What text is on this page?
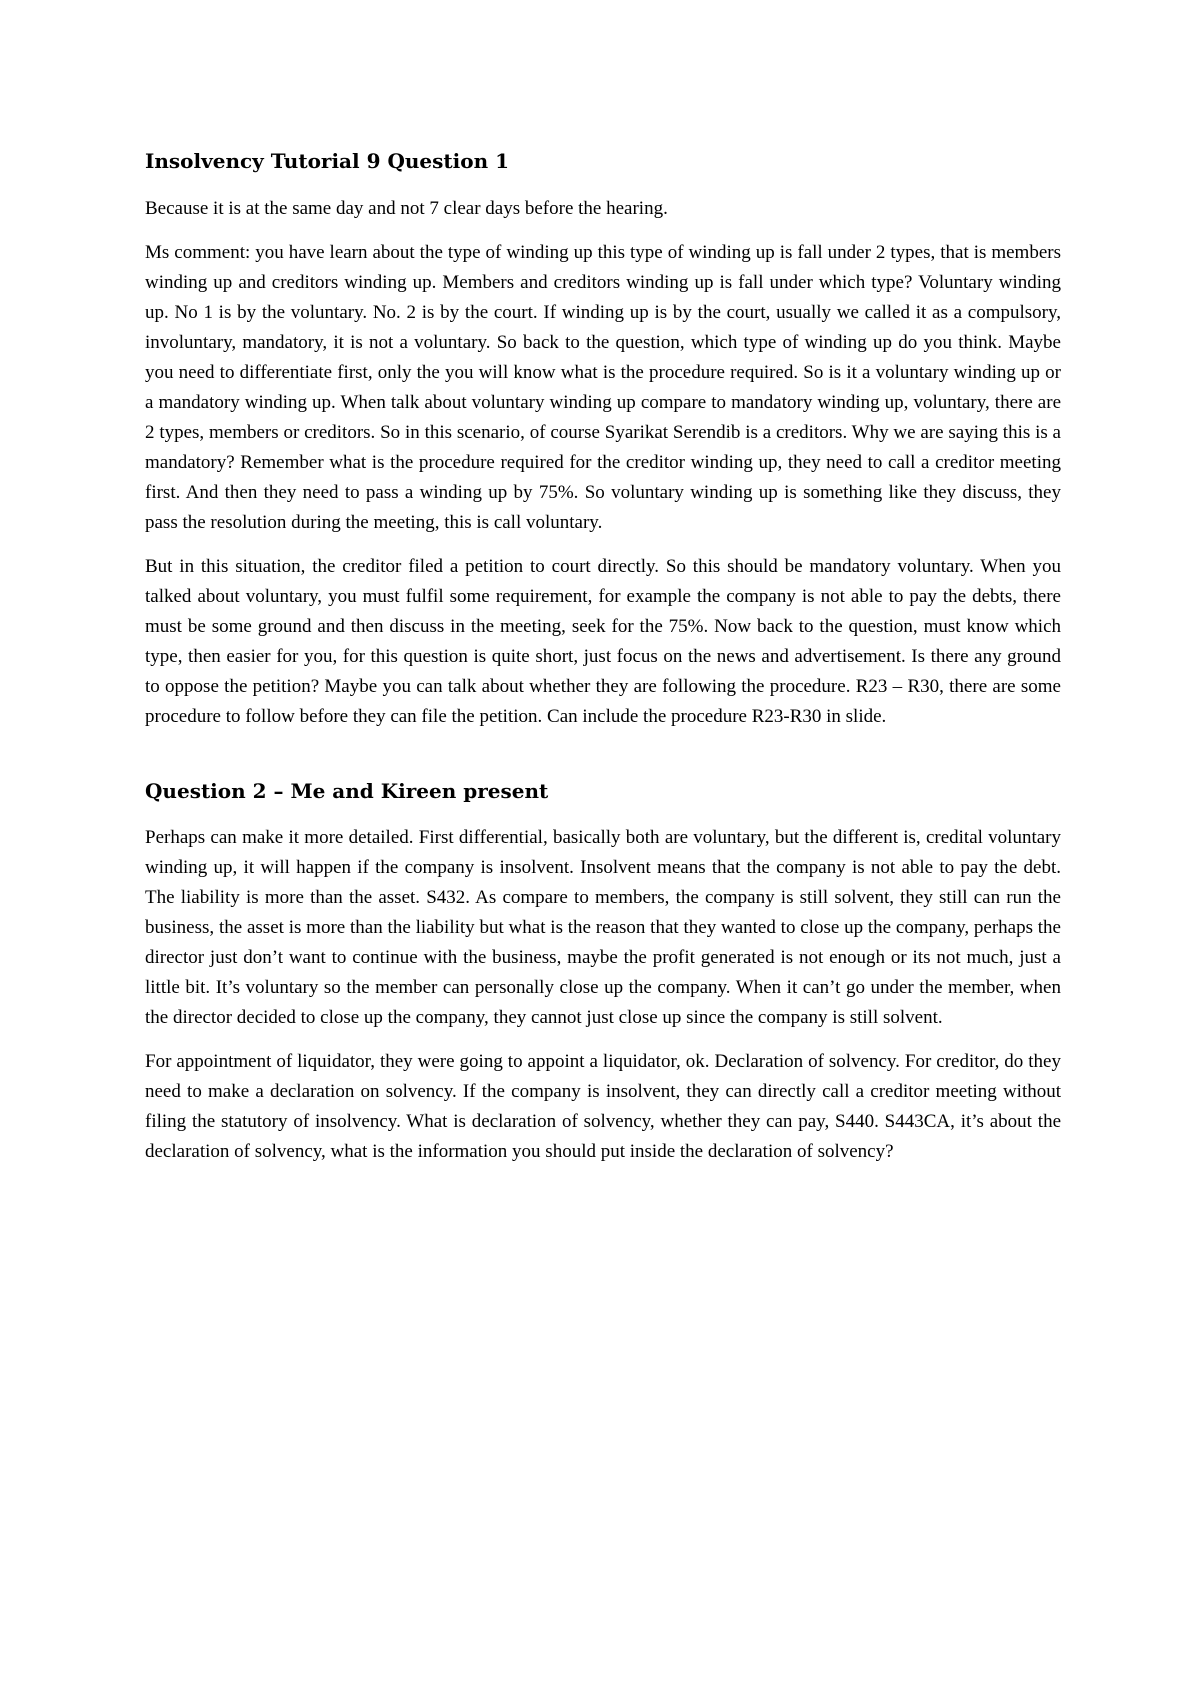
Insolvency Tutorial 9 Question 1

Because it is at the same day and not 7 clear days before the hearing.

Ms comment: you have learn about the type of winding up this type of winding up is fall under 2 types, that is members winding up and creditors winding up. Members and creditors winding up is fall under which type? Voluntary winding up. No 1 is by the voluntary. No. 2 is by the court. If winding up is by the court, usually we called it as a compulsory, involuntary, mandatory, it is not a voluntary. So back to the question, which type of winding up do you think. Maybe you need to differentiate first, only the you will know what is the procedure required. So is it a voluntary winding up or a mandatory winding up. When talk about voluntary winding up compare to mandatory winding up, voluntary, there are 2 types, members or creditors. So in this scenario, of course Syarikat Serendib is a creditors. Why we are saying this is a mandatory? Remember what is the procedure required for the creditor winding up, they need to call a creditor meeting first. And then they need to pass a winding up by 75%. So voluntary winding up is something like they discuss, they pass the resolution during the meeting, this is call voluntary.

But in this situation, the creditor filed a petition to court directly. So this should be mandatory voluntary. When you talked about voluntary, you must fulfil some requirement, for example the company is not able to pay the debts, there must be some ground and then discuss in the meeting, seek for the 75%. Now back to the question, must know which type, then easier for you, for this question is quite short, just focus on the news and advertisement. Is there any ground to oppose the petition? Maybe you can talk about whether they are following the procedure. R23 – R30, there are some procedure to follow before they can file the petition. Can include the procedure R23-R30 in slide.

Question 2 – Me and Kireen present

Perhaps can make it more detailed. First differential, basically both are voluntary, but the different is, credital voluntary winding up, it will happen if the company is insolvent. Insolvent means that the company is not able to pay the debt. The liability is more than the asset. S432. As compare to members, the company is still solvent, they still can run the business, the asset is more than the liability but what is the reason that they wanted to close up the company, perhaps the director just don’t want to continue with the business, maybe the profit generated is not enough or its not much, just a little bit. It’s voluntary so the member can personally close up the company. When it can’t go under the member, when the director decided to close up the company, they cannot just close up since the company is still solvent.

For appointment of liquidator, they were going to appoint a liquidator, ok. Declaration of solvency. For creditor, do they need to make a declaration on solvency. If the company is insolvent, they can directly call a creditor meeting without filing the statutory of insolvency. What is declaration of solvency, whether they can pay, S440. S443CA, it’s about the declaration of solvency, what is the information you should put inside the declaration of solvency?
